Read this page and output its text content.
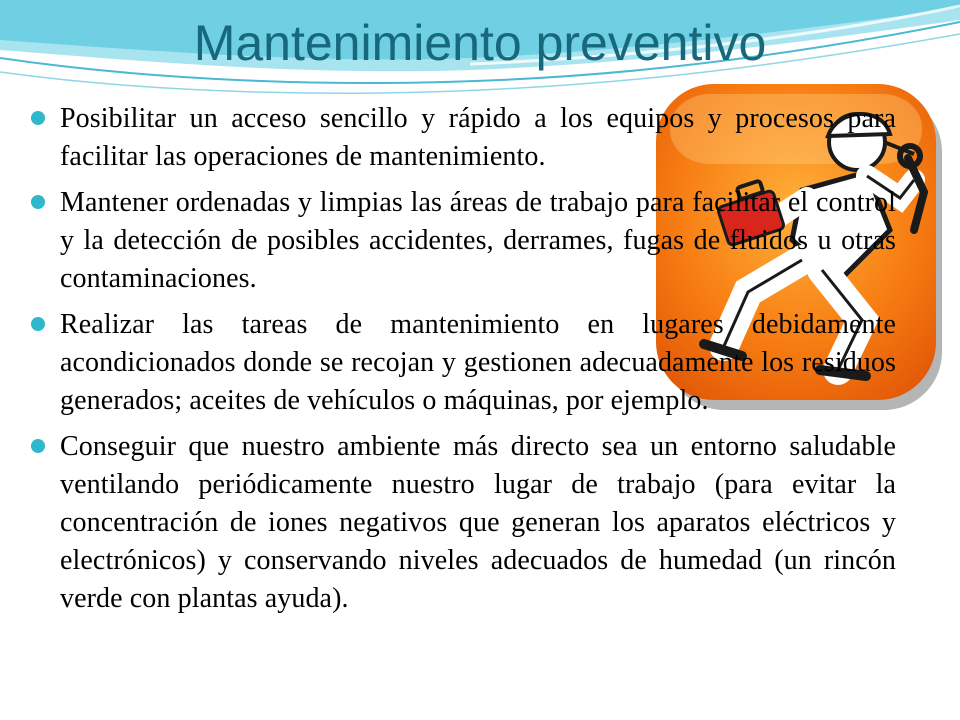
Mantenimiento preventivo
Posibilitar un acceso sencillo y rápido a los equipos y procesos para facilitar las operaciones de mantenimiento.
Mantener ordenadas y limpias las áreas de trabajo para facilitar el control y la detección de posibles accidentes, derrames, fugas de fluidos u otras contaminaciones.
Realizar las tareas de mantenimiento en lugares debidamente acondicionados donde se recojan y gestionen adecuadamente los residuos generados; aceites de vehículos o máquinas, por ejemplo.
Conseguir que nuestro ambiente más directo sea un entorno saludable ventilando periódicamente nuestro lugar de trabajo (para evitar la concentración de iones negativos que generan los aparatos eléctricos y electrónicos) y conservando niveles adecuados de humedad (un rincón verde con plantas ayuda).
